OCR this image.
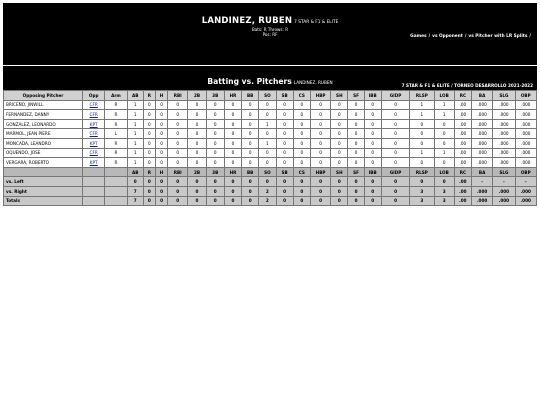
LANDINEZ, RUBEN 7 STAR & F1 & ELITE
Bats: R Throws: R
Pos: RF	Games / vs Opponent / vs Pitcher with LR Splits /
Batting vs. Pitchers LANDINEZ, RUBEN
7 STAR & F1 & ELITE / TORNEO DESARROLLO 2021-2022
Opposing Pitcher	Opp	Arm	AB	R	H	RBI	2B	3B	HR	BB	SO	SB	CS	HBP	SH	SF	IBB	GIDP	RLSP	LOB	RC	BA	SLG	OBP
BRICEÑO, JINWILL	CFR	R	1	0	0	0	0	0	0	0	0	0	0	0	0	0	0	0	1	1	.00	.000	.000	.000
FERNANDEZ, DANNY	CFR	R	1	0	0	0	0	0	0	0	0	0	0	0	0	0	0	0	1	1	.00	.000	.000	.000
GONZALEZ, LEONARDO	KPT	R	1	0	0	0	0	0	0	0	1	0	0	0	0	0	0	0	0	0	.00	.000	.000	.000
MARMOL, JEAN PIERE	CFR	L	1	0	0	0	0	0	0	0	0	0	0	0	0	0	0	0	0	0	.00	.000	.000	.000
MONCADA, LEANDRO	KPT	R	1	0	0	0	0	0	0	0	1	0	0	0	0	0	0	0	0	0	.00	.000	.000	.000
OQUENDO, JOSE	CFR	R	1	0	0	0	0	0	0	0	0	0	0	0	0	0	0	0	1	1	.00	.000	.000	.000
VERGARA, ROBERTO	KPT	R	1	0	0	0	0	0	0	0	0	0	0	0	0	0	0	0	0	0	.00	.000	.000	.000
			AB	R	H	RBI	2B	3B	HR	BB	SO	SB	CS	HBP	SH	SF	IBB	GIDP	RLSP	LOB	RC	BA	SLG	OBP
vs. Left			0	0	0	0	0	0	0	0	0	0	0	0	0	0	0	0	0	0	.00	-	-	-
vs. Right			7	0	0	0	0	0	0	0	2	0	0	0	0	0	0	0	3	3	.00	.000	.000	.000
Totals			7	0	0	0	0	0	0	0	2	0	0	0	0	0	0	0	3	3	.00	.000	.000	.000
